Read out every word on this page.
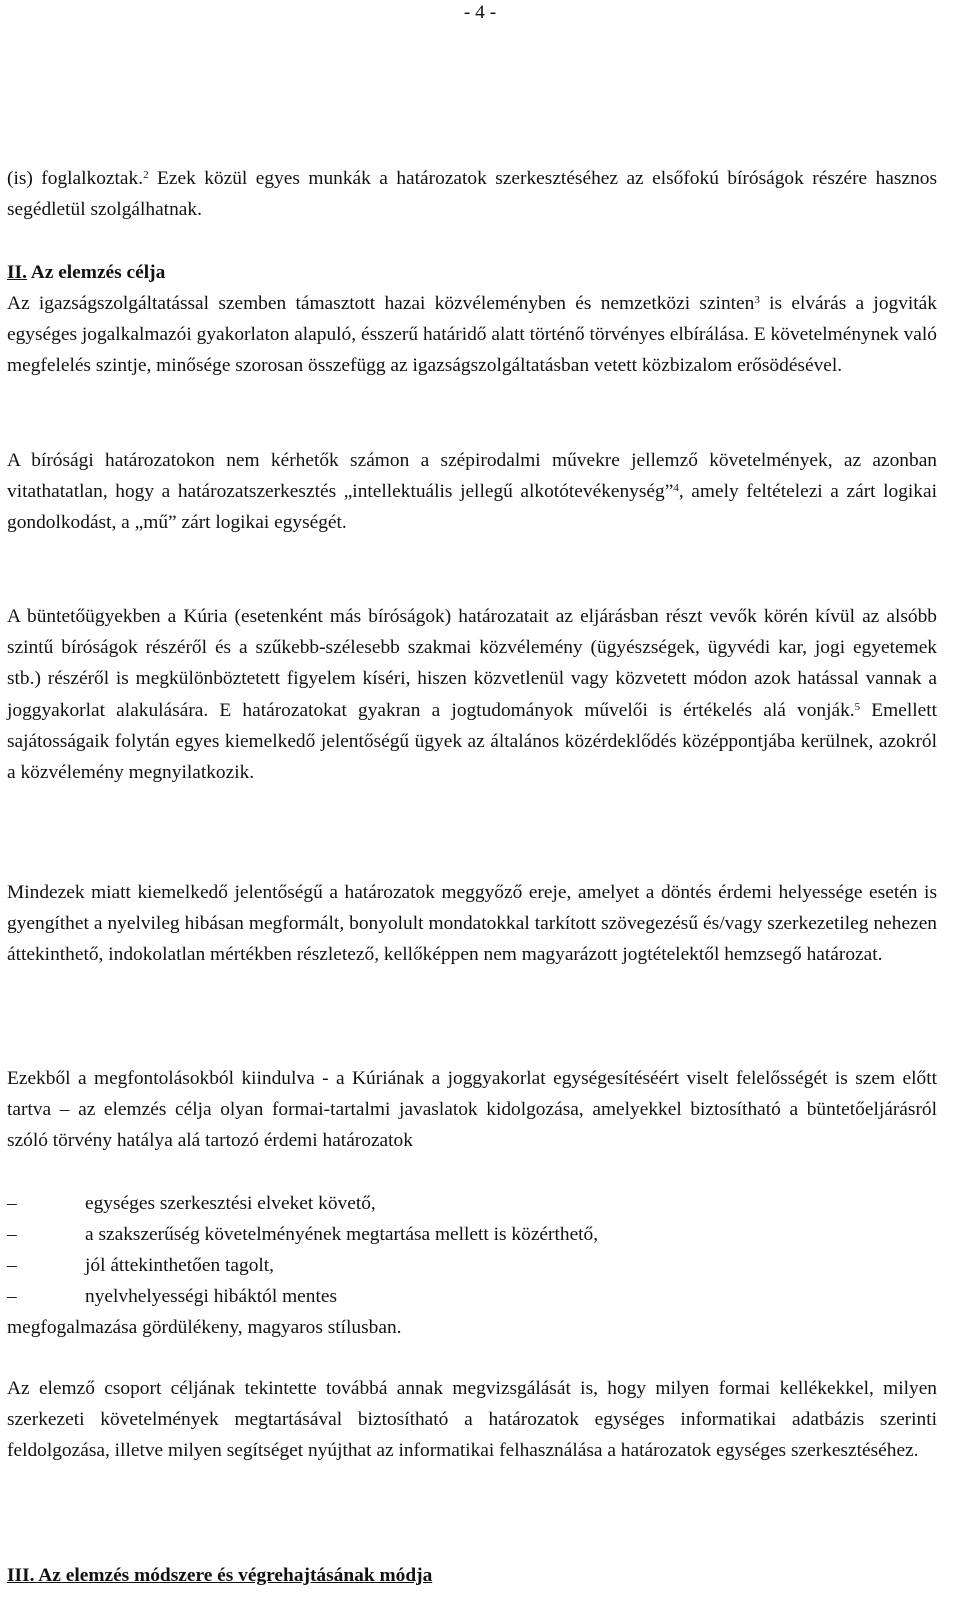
- 4 -

(is) foglalkoztak.$^2$ Ezek közül egyes munkák a határozatok szerkesztéséhez az elsőfokú bíróságok részére hasznos segédletül szolgálhatnak.

II. Az elemzés célja

Az igazságszolgáltatással szemben támasztott hazai közvéleményben és nemzetközi szinten$^3$ is elvárás a jogviták egységes jogalkalmazói gyakorlaton alapuló, ésszerű határidő alatt történő törvényes elbírálása. E követelménynek való megfelelés szintje, minősége szorosan összefügg az igazságszolgáltatásban vetett közbizalom erősödésével.

A bírósági határozatokon nem kérhetők számon a szépirodalmi művekre jellemző követelmények, az azonban vitathatatlan, hogy a határozatszerkesztés „intellektuális jellegű alkotótevékenység”$^4$, amely feltételezi a zárt logikai gondolkodást, a „mű” zárt logikai egységét.

A büntetőügyekben a Kúria (esetenként más bíróságok) határozatait az eljárásban részt vevők körén kívül az alsóbb szintű bíróságok részéről és a szűkebb-szélesebb szakmai közvélemény (ügyészségek, ügyvédi kar, jogi egyetemek stb.) részéről is megkülönböztetett figyelem kíséri, hiszen közvetlenül vagy közvetett módon azok hatással vannak a joggyakorlat alakulására. E határozatokat gyakran a jogtudományok művelői is értékelés alá vonják.$^5$ Emellett sajátosságaik folytán egyes kiemelkedő jelentőségű ügyek az általános közérdeklődés középpontjába kerülnek, azokról a közvélemény megnyilatkozik.

Mindezek miatt kiemelkedő jelentőségű a határozatok meggyőző ereje, amelyet a döntés érdemi helyessége esetén is gyengíthet a nyelvileg hibásan megformált, bonyolult mondatokkal tarkított szövegezésű és/vagy szerkezetileg nehezen áttekinthető, indokolatlan mértékben részletező, kellőképpen nem magyarázott jogtételektől hemzsegő határozat.

Ezekből a megfontolásokból kiindulva - a Kúriának a joggyakorlat egységesítéséért viselt felelősségét is szem előtt tartva – az elemzés célja olyan formai-tartalmi javaslatok kidolgozása, amelyekkel biztosítható a büntetőeljárásról szóló törvény hatálya alá tartozó érdemi határozatok

–	egységes szerkesztési elveket követő,
–	a szakszerűség követelményének megtartása mellett is közérthető,
–	jól áttekinthetően tagolt,
–	nyelvhelyességi hibáktól mentes

megfogalmazása gördülékeny, magyaros stílusban.

Az elemző csoport céljának tekintette továbbá annak megvizsgálását is, hogy milyen formai kellékekkel, milyen szerkezeti követelmények megtartásával biztosítható a határozatok egységes informatikai adatbázis szerinti feldolgozása, illetve milyen segítséget nyújthat az informatikai felhasználása a határozatok egységes szerkesztéséhez.

III. Az elemzés módszere és végrehajtásának módja
